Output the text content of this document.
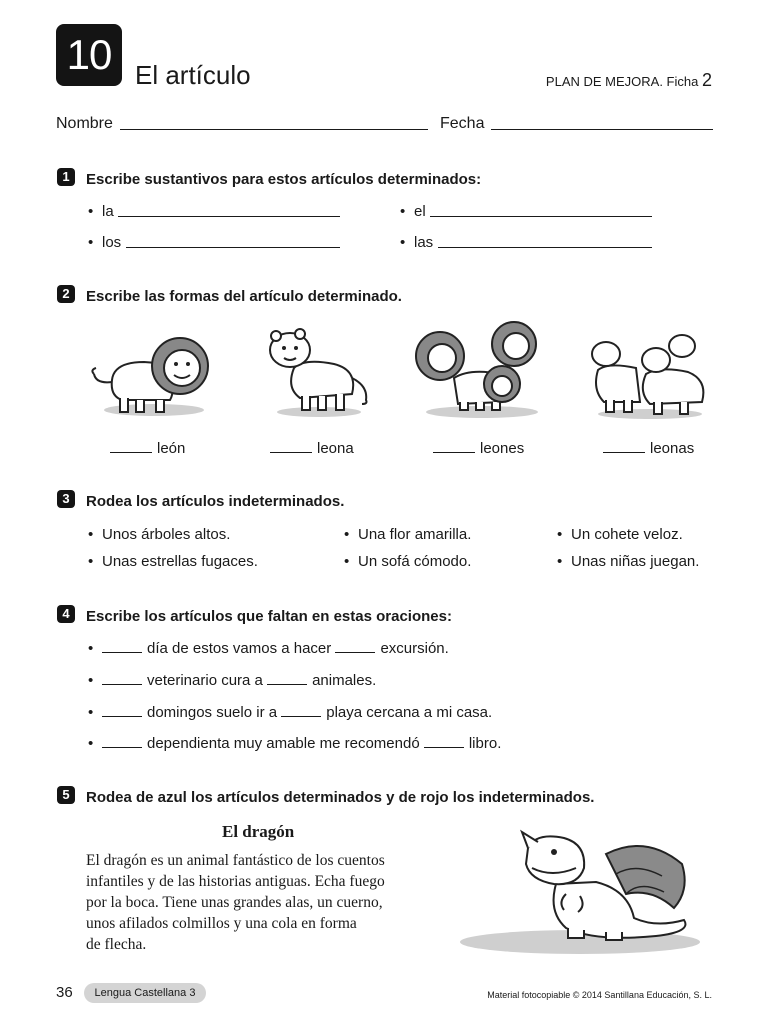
10 El artículo	PLAN DE MEJORA. Ficha 2
Nombre	Fecha
1	Escribe sustantivos para estos artículos determinados:
• la	• el
• los	• las
2	Escribe las formas del artículo determinado.
león	leona	leones	leonas
3	Rodea los artículos indeterminados.
• Unos árboles altos.	• Una flor amarilla.	• Un cohete veloz.
• Unas estrellas fugaces.	• Un sofá cómodo.	• Unas niñas juegan.
4	Escribe los artículos que faltan en estas oraciones:
•	día de estos vamos a hacer	excursión.
•	veterinario cura a	animales.
•	domingos suelo ir a	playa cercana a mi casa.
•	dependienta muy amable me recomendó	libro.
5	Rodea de azul los artículos determinados y de rojo los indeterminados.
El dragón
El dragón es un animal fantástico de los cuentos
infantiles y de las historias antiguas. Echa fuego
por la boca. Tiene unas grandes alas, un cuerno,
unos afilados colmillos y una cola en forma
de flecha.
36	Lengua Castellana 3	Material fotocopiable © 2014 Santillana Educación, S. L.
